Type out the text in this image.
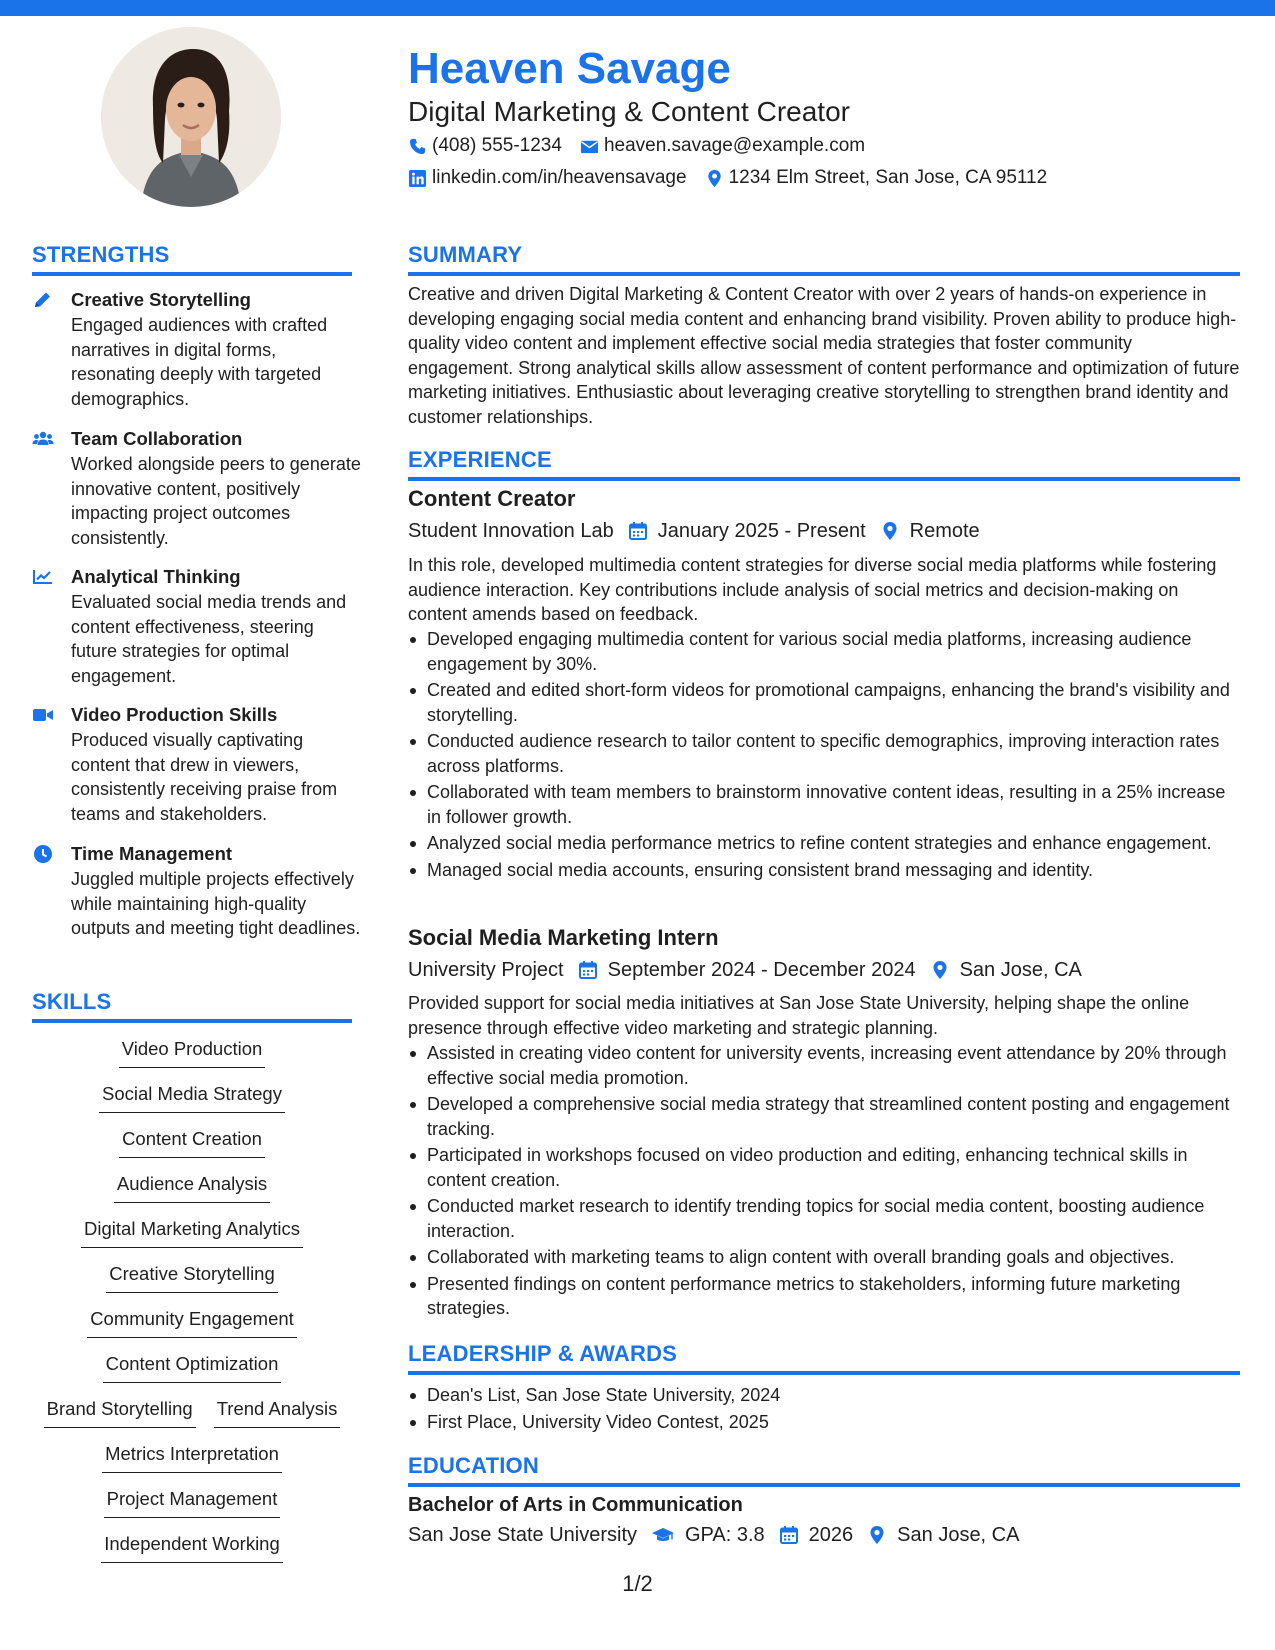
Heaven Savage
Digital Marketing & Content Creator
(408) 555-1234 heaven.savage@example.com
linkedin.com/in/heavensavage 1234 Elm Street, San Jose, CA 95112
STRENGTHS
Creative Storytelling
Engaged audiences with crafted narratives in digital forms, resonating deeply with targeted demographics.
Team Collaboration
Worked alongside peers to generate innovative content, positively impacting project outcomes consistently.
Analytical Thinking
Evaluated social media trends and content effectiveness, steering future strategies for optimal engagement.
Video Production Skills
Produced visually captivating content that drew in viewers, consistently receiving praise from teams and stakeholders.
Time Management
Juggled multiple projects effectively while maintaining high-quality outputs and meeting tight deadlines.
SKILLS
Video Production
Social Media Strategy
Content Creation
Audience Analysis
Digital Marketing Analytics
Creative Storytelling
Community Engagement
Content Optimization
Brand Storytelling Trend Analysis
Metrics Interpretation
Project Management
Independent Working
SUMMARY
Creative and driven Digital Marketing & Content Creator with over 2 years of hands-on experience in developing engaging social media content and enhancing brand visibility. Proven ability to produce high-quality video content and implement effective social media strategies that foster community engagement. Strong analytical skills allow assessment of content performance and optimization of future marketing initiatives. Enthusiastic about leveraging creative storytelling to strengthen brand identity and customer relationships.
EXPERIENCE
Content Creator
Student Innovation Lab January 2025 - Present Remote
In this role, developed multimedia content strategies for diverse social media platforms while fostering audience interaction. Key contributions include analysis of social metrics and decision-making on content amends based on feedback.
Developed engaging multimedia content for various social media platforms, increasing audience engagement by 30%.
Created and edited short-form videos for promotional campaigns, enhancing the brand's visibility and storytelling.
Conducted audience research to tailor content to specific demographics, improving interaction rates across platforms.
Collaborated with team members to brainstorm innovative content ideas, resulting in a 25% increase in follower growth.
Analyzed social media performance metrics to refine content strategies and enhance engagement.
Managed social media accounts, ensuring consistent brand messaging and identity.
Social Media Marketing Intern
University Project September 2024 - December 2024 San Jose, CA
Provided support for social media initiatives at San Jose State University, helping shape the online presence through effective video marketing and strategic planning.
Assisted in creating video content for university events, increasing event attendance by 20% through effective social media promotion.
Developed a comprehensive social media strategy that streamlined content posting and engagement tracking.
Participated in workshops focused on video production and editing, enhancing technical skills in content creation.
Conducted market research to identify trending topics for social media content, boosting audience interaction.
Collaborated with marketing teams to align content with overall branding goals and objectives.
Presented findings on content performance metrics to stakeholders, informing future marketing strategies.
LEADERSHIP & AWARDS
Dean's List, San Jose State University, 2024
First Place, University Video Contest, 2025
EDUCATION
Bachelor of Arts in Communication
San Jose State University GPA: 3.8 2026 San Jose, CA
1/2
